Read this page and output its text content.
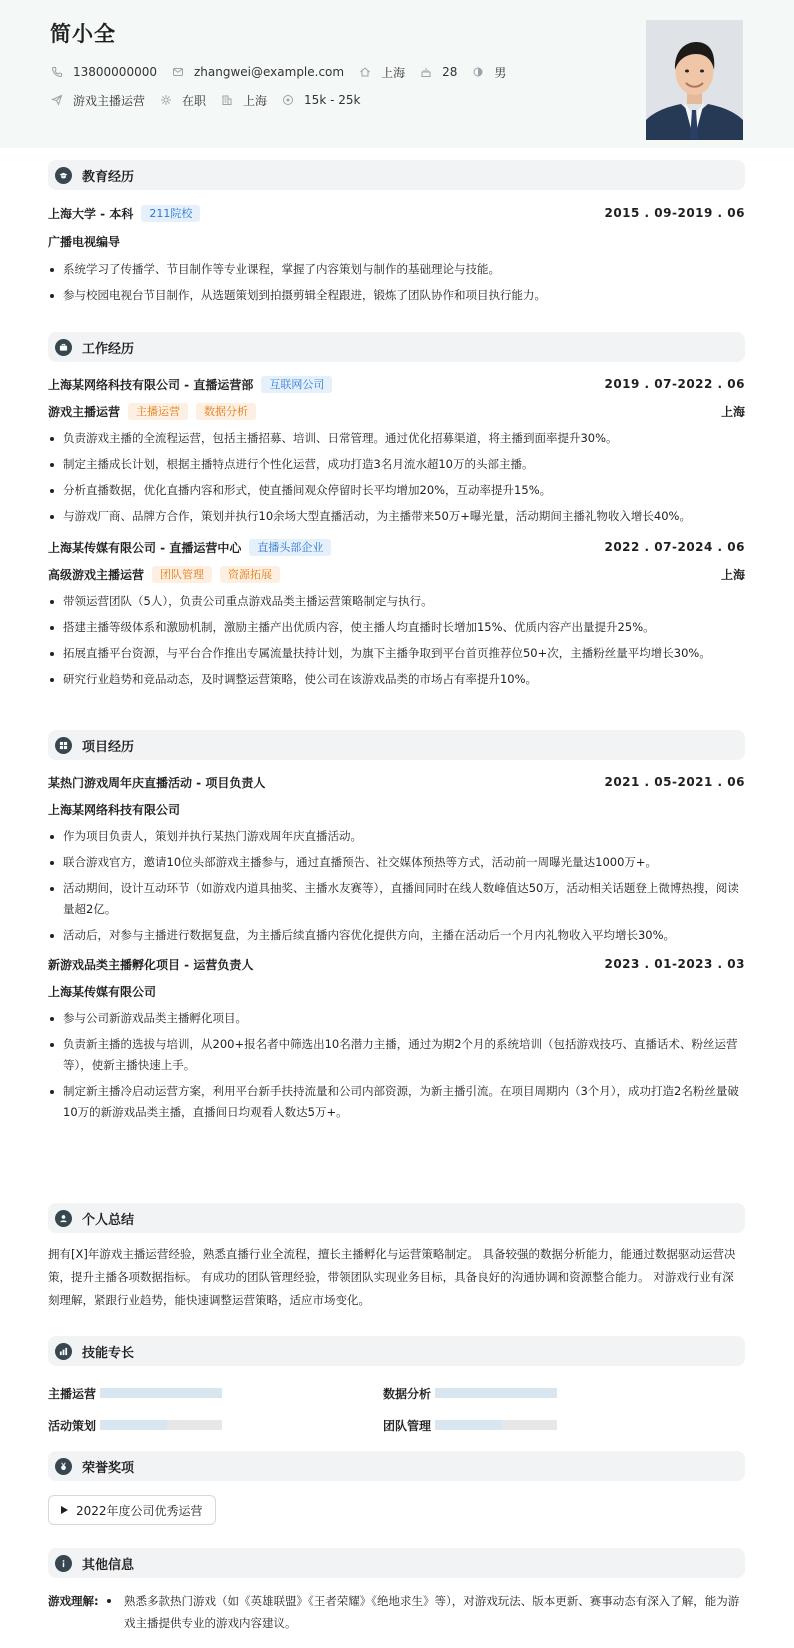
简小全
13800000000	zhangwei@example.com	上海	28	男
游戏主播运营	在职	上海	15k - 25k
教育经历
上海大学 - 本科	211院校	2015 . 09-2019 . 06
广播电视编导
系统学习了传播学、节目制作等专业课程，掌握了内容策划与制作的基础理论与技能。
参与校园电视台节目制作，从选题策划到拍摄剪辑全程跟进，锻炼了团队协作和项目执行能力。
工作经历
上海某网络科技有限公司 - 直播运营部	互联网公司	2019 . 07-2022 . 06
游戏主播运营	主播运营	数据分析	上海
负责游戏主播的全流程运营，包括主播招募、培训、日常管理。通过优化招募渠道，将主播到面率提升30%。
制定主播成长计划，根据主播特点进行个性化运营，成功打造3名月流水超10万的头部主播。
分析直播数据，优化直播内容和形式，使直播间观众停留时长平均增加20%，互动率提升15%。
与游戏厂商、品牌方合作，策划并执行10余场大型直播活动，为主播带来50万+曝光量，活动期间主播礼物收入增长40%。
上海某传媒有限公司 - 直播运营中心	直播头部企业	2022 . 07-2024 . 06
高级游戏主播运营	团队管理	资源拓展	上海
带领运营团队（5人），负责公司重点游戏品类主播运营策略制定与执行。
搭建主播等级体系和激励机制，激励主播产出优质内容，使主播人均直播时长增加15%、优质内容产出量提升25%。
拓展直播平台资源，与平台合作推出专属流量扶持计划，为旗下主播争取到平台首页推荐位50+次，主播粉丝量平均增长30%。
研究行业趋势和竞品动态，及时调整运营策略，使公司在该游戏品类的市场占有率提升10%。
项目经历
某热门游戏周年庆直播活动 - 项目负责人	2021 . 05-2021 . 06
上海某网络科技有限公司
作为项目负责人，策划并执行某热门游戏周年庆直播活动。
联合游戏官方，邀请10位头部游戏主播参与，通过直播预告、社交媒体预热等方式，活动前一周曝光量达1000万+。
活动期间，设计互动环节（如游戏内道具抽奖、主播水友赛等），直播间同时在线人数峰值达50万，活动相关话题登上微博热搜，阅读量超2亿。
活动后，对参与主播进行数据复盘，为主播后续直播内容优化提供方向，主播在活动后一个月内礼物收入平均增长30%。
新游戏品类主播孵化项目 - 运营负责人	2023 . 01-2023 . 03
上海某传媒有限公司
参与公司新游戏品类主播孵化项目。
负责新主播的选拔与培训，从200+报名者中筛选出10名潜力主播，通过为期2个月的系统培训（包括游戏技巧、直播话术、粉丝运营等），使新主播快速上手。
制定新主播冷启动运营方案，利用平台新手扶持流量和公司内部资源，为新主播引流。在项目周期内（3个月），成功打造2名粉丝量破10万的新游戏品类主播，直播间日均观看人数达5万+。
个人总结
拥有[X]年游戏主播运营经验，熟悉直播行业全流程，擅长主播孵化与运营策略制定。 具备较强的数据分析能力，能通过数据驱动运营决策，提升主播各项数据指标。 有成功的团队管理经验，带领团队实现业务目标，具备良好的沟通协调和资源整合能力。 对游戏行业有深刻理解，紧跟行业趋势，能快速调整运营策略，适应市场变化。
技能专长
主播运营	数据分析
活动策划	团队管理
荣誉奖项
2022年度公司优秀运营
其他信息
游戏理解:	熟悉多款热门游戏（如《英雄联盟》《王者荣耀》《绝地求生》等），对游戏玩法、版本更新、赛事动态有深入了解，能为游戏主播提供专业的游戏内容建议。
